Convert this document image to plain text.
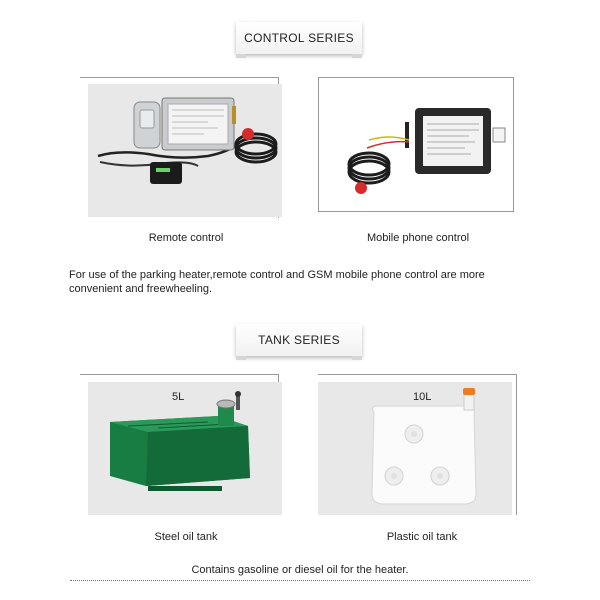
CONTROL SERIES
Remote control	Mobile phone control
For use of the parking heater,remote control and GSM mobile phone control are more convenient and freewheeling.
TANK SERIES
5L
Steel oil tank
10L
Plastic oil tank
Contains gasoline or diesel oil for the heater.
